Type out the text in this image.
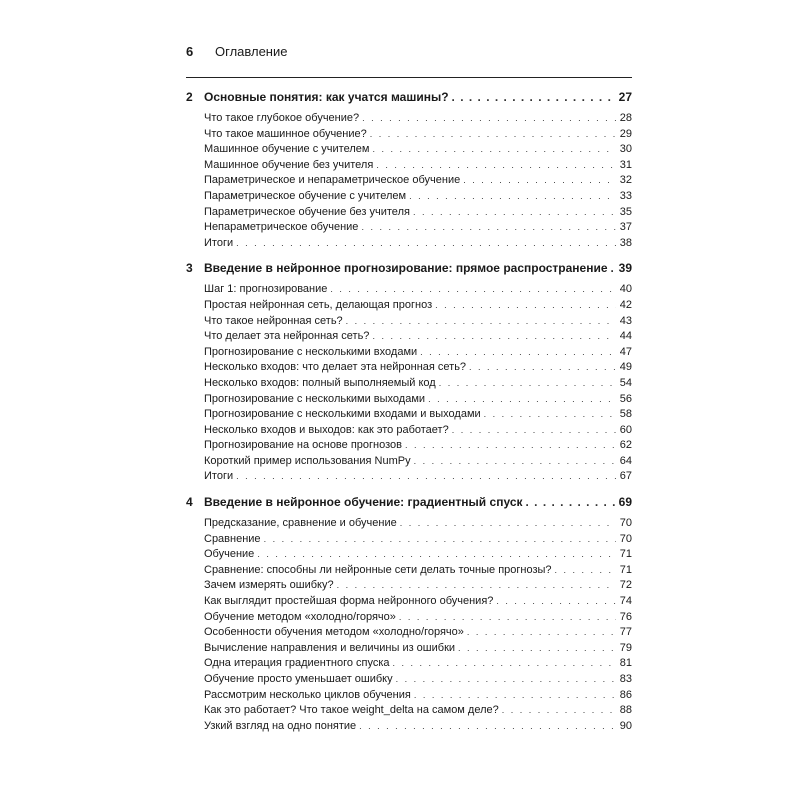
6	Оглавление
2 Основные понятия: как учатся машины? . . .	27
Что такое глубокое обучение? . . .	28
Что такое машинное обучение? . . .	29
Машинное обучение с учителем . . .	30
Машинное обучение без учителя . . .	31
Параметрическое и непараметрическое обучение . . .	32
Параметрическое обучение с учителем . . .	33
Параметрическое обучение без учителя . . .	35
Непараметрическое обучение . . .	37
Итоги . . .	38
3 Введение в нейронное прогнозирование: прямое распространение . . . 39
Шаг 1: прогнозирование . . .	40
Простая нейронная сеть, делающая прогноз . . .	42
Что такое нейронная сеть? . . .	43
Что делает эта нейронная сеть? . . .	44
Прогнозирование с несколькими входами . . .	47
Несколько входов: что делает эта нейронная сеть? . . .	49
Несколько входов: полный выполняемый код . . .	54
Прогнозирование с несколькими выходами . . .	56
Прогнозирование с несколькими входами и выходами . . .	58
Несколько входов и выходов: как это работает? . . .	60
Прогнозирование на основе прогнозов . . .	62
Короткий пример использования NumPy . . .	64
Итоги . . .	67
4 Введение в нейронное обучение: градиентный спуск . . .	69
Предсказание, сравнение и обучение . . .	70
Сравнение . . .	70
Обучение . . .	71
Сравнение: способны ли нейронные сети делать точные прогнозы? . . .	71
Зачем измерять ошибку? . . .	72
Как выглядит простейшая форма нейронного обучения? . . .	74
Обучение методом «холодно/горячо» . . .	76
Особенности обучения методом «холодно/горячо» . . .	77
Вычисление направления и величины из ошибки . . .	79
Одна итерация градиентного спуска . . .	81
Обучение просто уменьшает ошибку . . .	83
Рассмотрим несколько циклов обучения . . .	86
Как это работает? Что такое weight_delta на самом деле? . . .	88
Узкий взгляд на одно понятие . . .	90
